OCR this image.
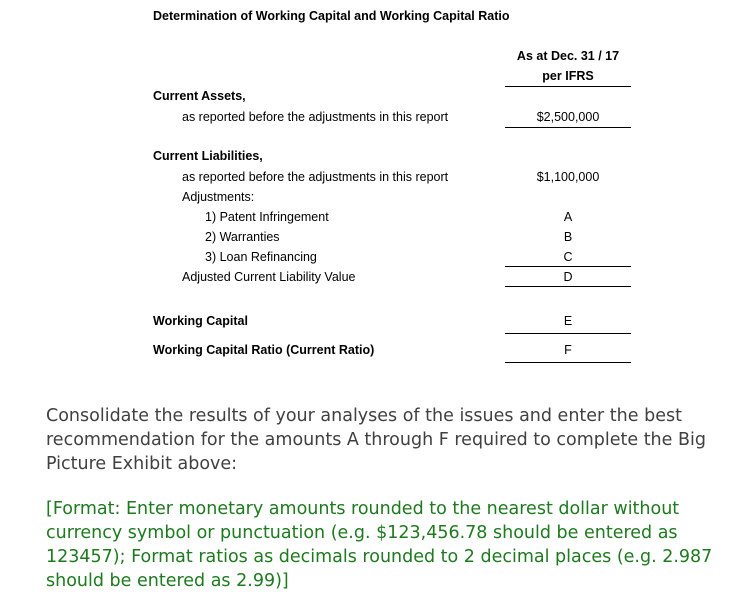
Determination of Working Capital and Working Capital Ratio
As at Dec. 31 / 17
per IFRS
Current Assets,
as reported before the adjustments in this report	$2,500,000
Current Liabilities,
as reported before the adjustments in this report	$1,100,000
Adjustments:
1) Patent Infringement	A
2) Warranties	B
3) Loan Refinancing	C
Adjusted Current Liability Value	D
Working Capital	E
Working Capital Ratio (Current Ratio)	F
Consolidate the results of your analyses of the issues and enter the best recommendation for the amounts A through F required to complete the Big Picture Exhibit above:
[Format: Enter monetary amounts rounded to the nearest dollar without currency symbol or punctuation (e.g. $123,456.78 should be entered as 123457); Format ratios as decimals rounded to 2 decimal places (e.g. 2.987 should be entered as 2.99)]
